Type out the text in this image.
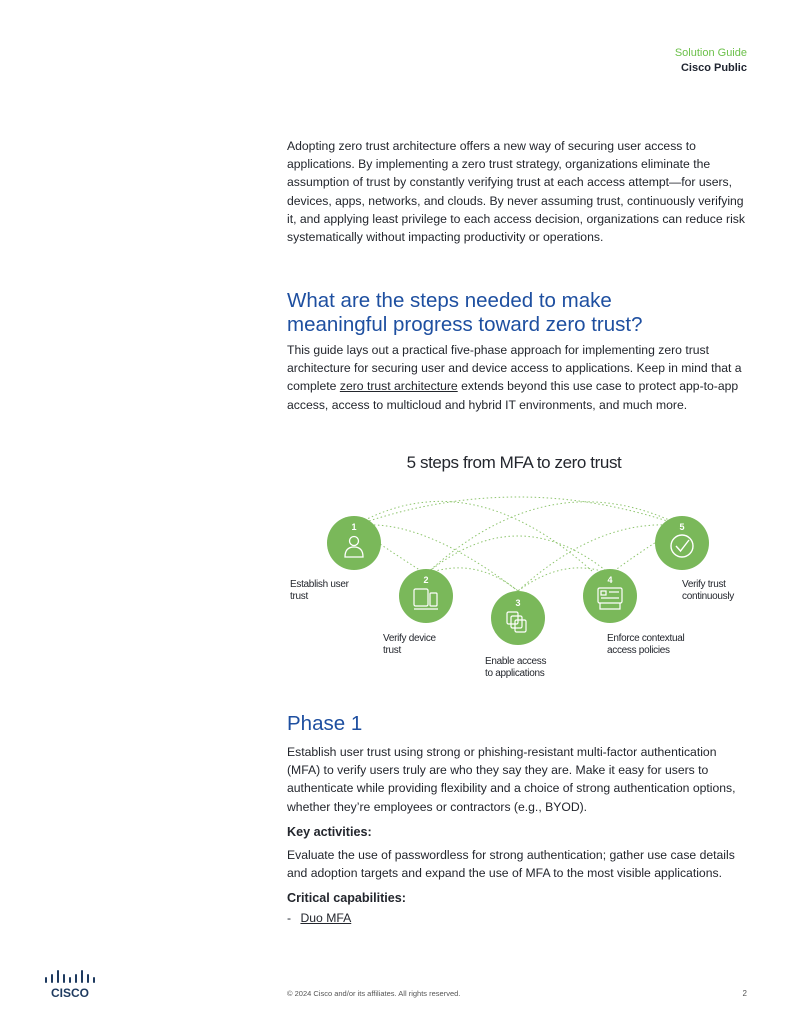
Solution Guide
Cisco Public

Adopting zero trust architecture offers a new way of securing user access to applications. By implementing a zero trust strategy, organizations eliminate the assumption of trust by constantly verifying trust at each access attempt—for users, devices, apps, networks, and clouds. By never assuming trust, continuously verifying it, and applying least privilege to each access decision, organizations can reduce risk systematically without impacting productivity or operations.

What are the steps needed to make
meaningful progress toward zero trust?

This guide lays out a practical five-phase approach for implementing zero trust architecture for securing user and device access to applications. Keep in mind that a complete zero trust architecture extends beyond this use case to protect app-to-app access, access to multicloud and hybrid IT environments, and much more.

5 steps from MFA to zero trust
1
2
3
4
5
Establish user
trust
Verify device
trust
Enable access
to applications
Enforce contextual
access policies
Verify trust
continuously
Phase 1

Establish user trust using strong or phishing-resistant multi-factor authentication (MFA) to verify users truly are who they say they are. Make it easy for users to authenticate while providing flexibility and a choice of strong authentication options, whether they’re employees or contractors (e.g., BYOD).

Key activities:

Evaluate the use of passwordless for strong authentication; gather use case details and adoption targets and expand the use of MFA to the most visible applications.

Critical capabilities:
- Duo MFA
CISCO	© 2024 Cisco and/or its affiliates. All rights reserved.	2
